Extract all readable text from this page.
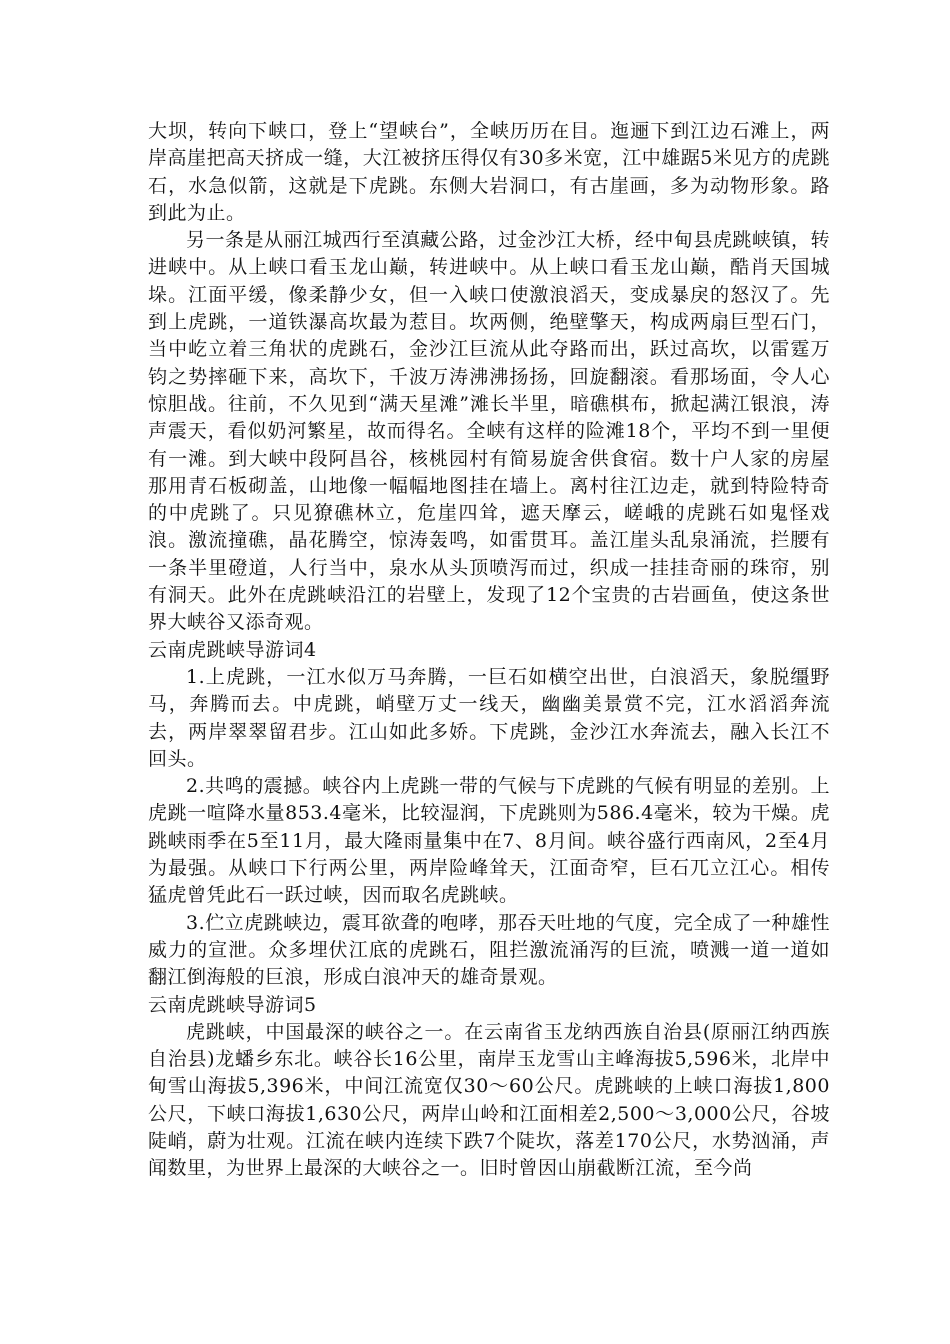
大坝，转向下峡口，登上“望峡台”，全峡历历在目。迤逦下到江边石滩上，两岸高崖把高天挤成一缝，大江被挤压得仅有30多米宽，江中雄踞5米见方的虎跳石，水急似箭，这就是下虎跳。东侧大岩洞口，有古崖画，多为动物形象。路到此为止。

另一条是从丽江城西行至滇藏公路，过金沙江大桥，经中甸县虎跳峡镇，转进峡中。从上峡口看玉龙山巅，转进峡中。从上峡口看玉龙山巅，酷肖天国城垛。江面平缓，像柔静少女，但一入峡口使激浪滔天，变成暴戾的怒汉了。先到上虎跳，一道铁瀑高坎最为惹目。坎两侧，绝壁擎天，构成两扇巨型石门，当中屹立着三角状的虎跳石，金沙江巨流从此夺路而出，跃过高坎，以雷霆万钧之势摔砸下来，高坎下，千波万涛沸沸扬扬，回旋翻滚。看那场面，令人心惊胆战。往前，不久见到“满天星滩”滩长半里，暗礁棋布，掀起满江银浪，涛声震天，看似奶河繁星，故而得名。全峡有这样的险滩18个，平均不到一里便有一滩。到大峡中段阿昌谷，核桃园村有简易旋舍供食宿。数十户人家的房屋那用青石板砌盖，山地像一幅幅地图挂在墙上。离村往江边走，就到特险特奇的中虎跳了。只见獠礁林立，危崖四耸，遮天摩云，嵯峨的虎跳石如鬼怪戏浪。激流撞礁，晶花腾空，惊涛轰鸣，如雷贯耳。盖江崖头乱泉涌流，拦腰有一条半里磴道，人行当中，泉水从头顶喷泻而过，织成一挂挂奇丽的珠帘，别有洞天。此外在虎跳峡沿江的岩壁上，发现了12个宝贵的古岩画鱼，使这条世界大峡谷又添奇观。

云南虎跳峡导游词4

1.上虎跳，一江水似万马奔腾，一巨石如横空出世，白浪滔天，象脱缰野马，奔腾而去。中虎跳，峭壁万丈一线天，幽幽美景赏不完，江水滔滔奔流去，两岸翠翠留君步。江山如此多娇。下虎跳，金沙江水奔流去，融入长江不回头。

2.共鸣的震撼。峡谷内上虎跳一带的气候与下虎跳的气候有明显的差别。上虎跳一喧降水量853.4毫米，比较湿润，下虎跳则为586.4毫米，较为干燥。虎跳峡雨季在5至11月，最大隆雨量集中在7、8月间。峡谷盛行西南风，2至4月为最强。从峡口下行两公里，两岸险峰耸天，江面奇窄，巨石兀立江心。相传猛虎曾凭此石一跃过峡，因而取名虎跳峡。

3.伫立虎跳峡边，震耳欲聋的咆哮，那吞天吐地的气度，完全成了一种雄性威力的宣泄。众多埋伏江底的虎跳石，阻拦激流涌泻的巨流，喷溅一道一道如翻江倒海般的巨浪，形成白浪冲天的雄奇景观。

云南虎跳峡导游词5

虎跳峡，中国最深的峡谷之一。在云南省玉龙纳西族自治县(原丽江纳西族自治县)龙蟠乡东北。峡谷长16公里，南岸玉龙雪山主峰海拔5,596米，北岸中甸雪山海拔5,396米，中间江流宽仅30～60公尺。虎跳峡的上峡口海拔1,800公尺，下峡口海拔1,630公尺，两岸山岭和江面相差2,500～3,000公尺，谷坡陡峭，蔚为壮观。江流在峡内连续下跌7个陡坎，落差170公尺，水势汹涌，声闻数里，为世界上最深的大峡谷之一。旧时曾因山崩截断江流，至今尚
